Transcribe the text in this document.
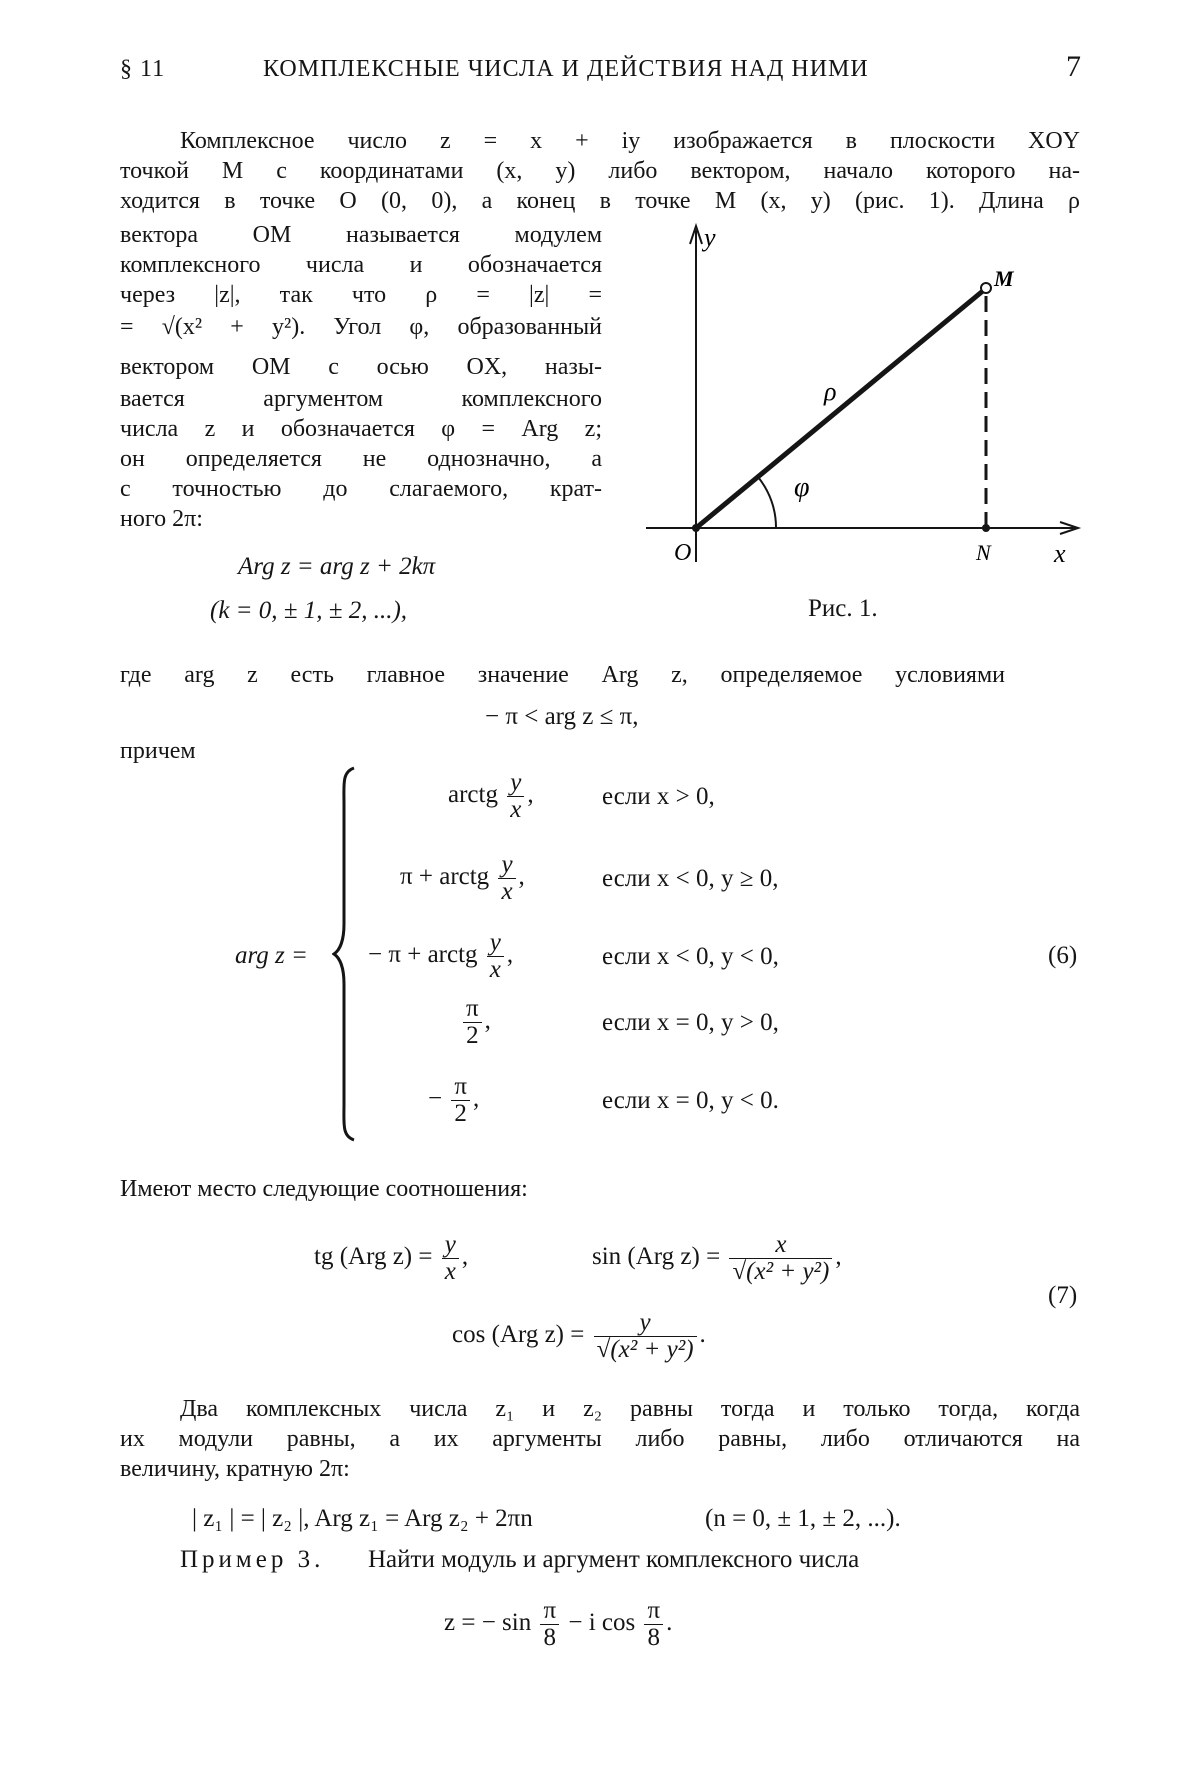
§ 11	КОМПЛЕКСНЫЕ ЧИСЛА И ДЕЙСТВИЯ НАД НИМИ	7
Комплексное число z = x + iy изображается в плоскости XOY
точкой M с координатами (x, y) либо вектором, начало которого на-
ходится в точке O (0, 0), а конец в точке M (x, y) (рис. 1). Длина ρ
вектора OM называется модулем
комплексного числа и обозначается
через |z|, так что ρ = |z| =
= √(x² + y²). Угол φ, образованный
вектором OM с осью OX, назы-
вается аргументом комплексного
числа z и обозначается φ = Arg z;
он определяется не однозначно, а
с точностью до слагаемого, крат-
ного 2π:
Arg z = arg z + 2kπ
(k = 0, ± 1, ± 2, ...),
y
x
O
M
N
ρ
φ
Рис. 1.
где arg z есть главное значение Arg z, определяемое условиями
− π < arg z ≤ π,
причем
arg z =
arctg $\frac{y}{x}$ ,	если x > 0,
π + arctg $\frac{y}{x}$ ,	если x < 0, y ≥ 0,
− π + arctg $\frac{y}{x}$ ,	если x < 0, y < 0,
$\frac{\pi}{2}$ ,	если x = 0, y > 0,
− $\frac{\pi}{2}$ ,	если x = 0, y < 0.
(6)
Имеют место следующие соотношения:
tg (Arg $z) = \frac{y}{x}$ ,	sin (Arg $z) = \frac{x}{\text{√(x² + y²)}}$ ,
cos (Arg $z) = \frac{y}{\text{√(x² + y²)}}$ .
(7)
Два комплексных числа z₁ и z₂ равны тогда и только тогда, когда
их модули равны, а их аргументы либо равны, либо отличаются на
величину, кратную 2π:
| z₁ | = | z₂ |, Arg z₁ = Arg z₂ + 2πn	(n = 0, ± 1, ± 2, ...).
Пример 3. Найти модуль и аргумент комплексного числа
z = − $\sin \frac{\pi}{8} - i$ $\cos \frac{\pi}{8}$ .
